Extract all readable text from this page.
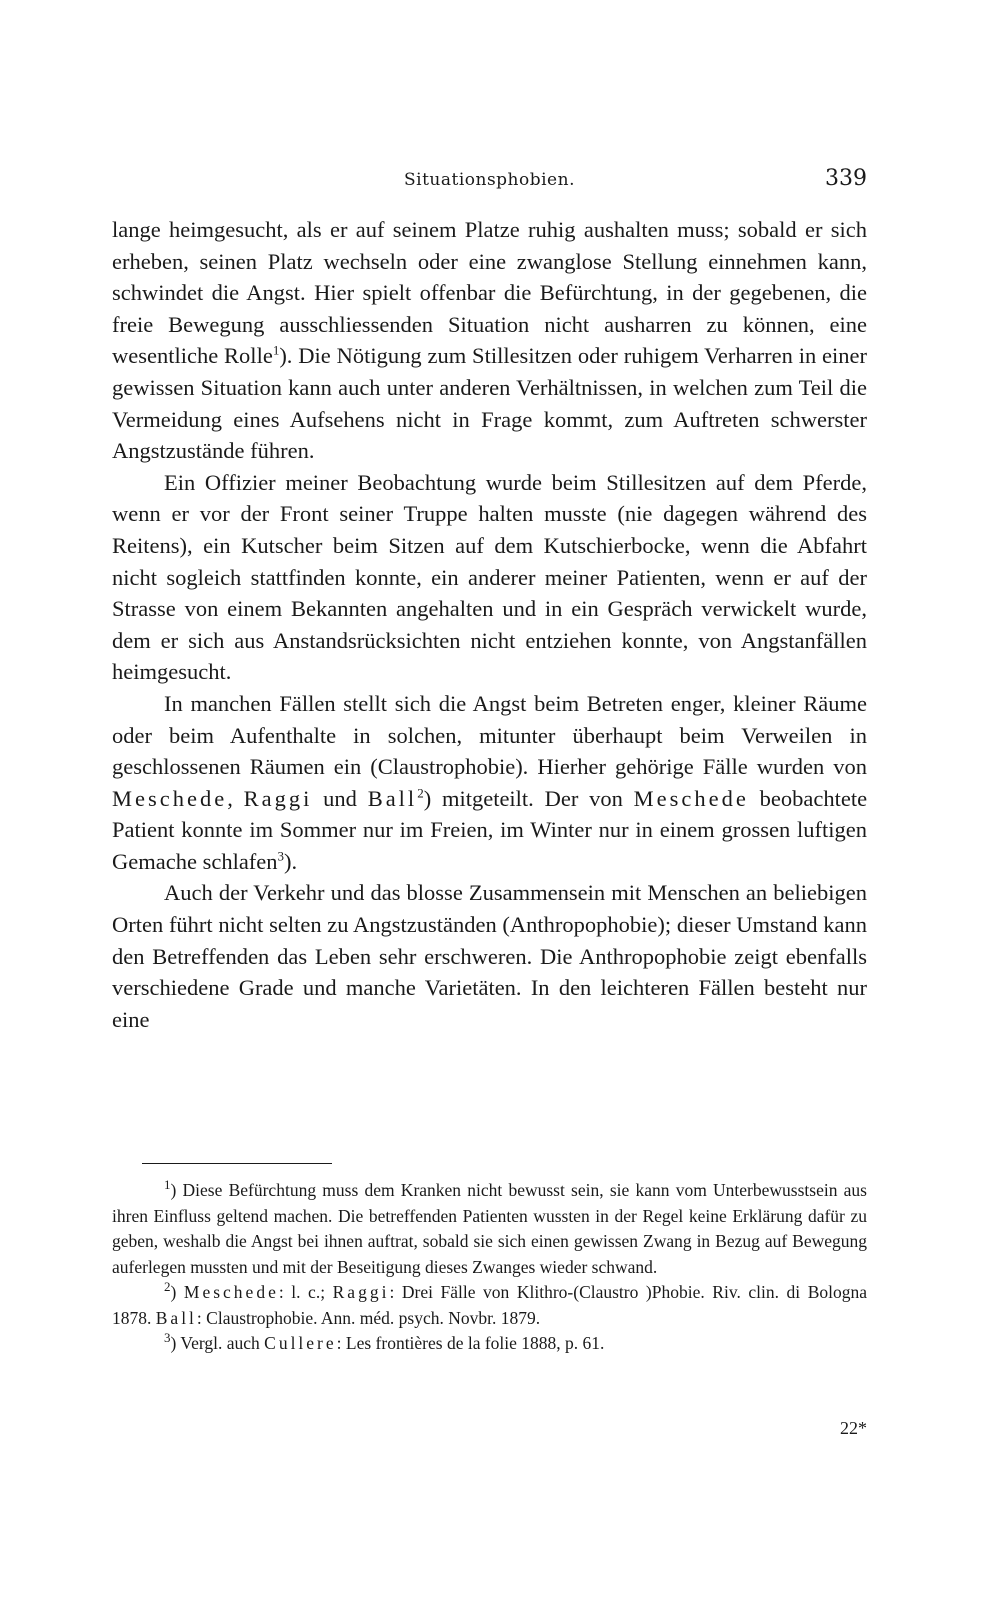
Situationsphobien.	339

lange heimgesucht, als er auf seinem Platze ruhig aushalten muss; sobald er sich erheben, seinen Platz wechseln oder eine zwanglose Stellung einnehmen kann, schwindet die Angst. Hier spielt offenbar die Befürchtung, in der gegebenen, die freie Bewegung ausschliessenden Situation nicht ausharren zu können, eine wesentliche Rolle$^1$). Die Nötigung zum Stillesitzen oder ruhigem Verharren in einer gewissen Situation kann auch unter anderen Verhältnissen, in welchen zum Teil die Vermeidung eines Aufsehens nicht in Frage kommt, zum Auftreten schwerster Angstzustände führen.

Ein Offizier meiner Beobachtung wurde beim Stillesitzen auf dem Pferde, wenn er vor der Front seiner Truppe halten musste (nie dagegen während des Reitens), ein Kutscher beim Sitzen auf dem Kutschierbocke, wenn die Abfahrt nicht sogleich stattfinden konnte, ein anderer meiner Patienten, wenn er auf der Strasse von einem Bekannten angehalten und in ein Gespräch verwickelt wurde, dem er sich aus Anstandsrücksichten nicht entziehen konnte, von Angstanfällen heimgesucht.

In manchen Fällen stellt sich die Angst beim Betreten enger, kleiner Räume oder beim Aufenthalte in solchen, mitunter überhaupt beim Verweilen in geschlossenen Räumen ein (Claustrophobie). Hierher gehörige Fälle wurden von Meschede, Raggi und Ball$^2$) mitgeteilt. Der von Meschede beobachtete Patient konnte im Sommer nur im Freien, im Winter nur in einem grossen luftigen Gemache schlafen$^3$).

Auch der Verkehr und das blosse Zusammensein mit Menschen an beliebigen Orten führt nicht selten zu Angstzuständen (Anthropophobie); dieser Umstand kann den Betreffenden das Leben sehr erschweren. Die Anthropophobie zeigt ebenfalls verschiedene Grade und manche Varietäten. In den leichteren Fällen besteht nur eine

$^1$) Diese Befürchtung muss dem Kranken nicht bewusst sein, sie kann vom Unterbewusstsein aus ihren Einfluss geltend machen. Die betreffenden Patienten wussten in der Regel keine Erklärung dafür zu geben, weshalb die Angst bei ihnen auftrat, sobald sie sich einen gewissen Zwang in Bezug auf Bewegung auferlegen mussten und mit der Beseitigung dieses Zwanges wieder schwand.

$^2$) Meschede: l. c.; Raggi: Drei Fälle von Klithro-(Claustro )Phobie. Riv. clin. di Bologna 1878. Ball: Claustrophobie. Ann. méd. psych. Novbr. 1879.

$^3$) Vergl. auch Cullere: Les frontières de la folie 1888, p. 61.

22*
